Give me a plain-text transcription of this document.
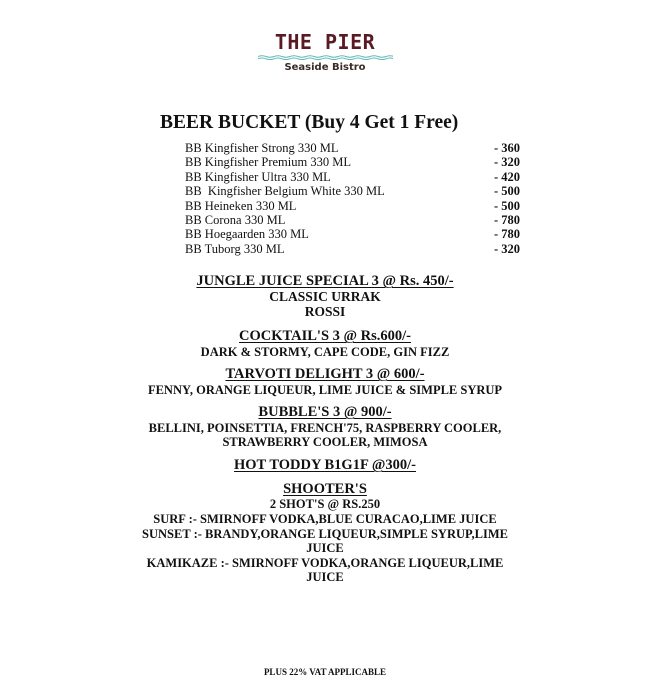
THE PIER
Seaside Bistro
BEER BUCKET (Buy 4 Get 1 Free)
BB Kingfisher Strong 330 ML	- 360
BB Kingfisher Premium 330 ML	- 320
BB Kingfisher Ultra 330 ML	- 420
BB  Kingfisher Belgium White 330 ML	- 500
BB Heineken 330 ML	- 500
BB Corona 330 ML	- 780
BB Hoegaarden 330 ML	- 780
BB Tuborg 330 ML	- 320
JUNGLE JUICE SPECIAL 3 @ Rs. 450/-
CLASSIC URRAK
ROSSI
COCKTAIL'S 3 @ Rs.600/-
DARK & STORMY, CAPE CODE, GIN FIZZ
TARVOTI DELIGHT 3 @ 600/-
FENNY, ORANGE LIQUEUR, LIME JUICE & SIMPLE SYRUP
BUBBLE'S 3 @ 900/-
BELLINI, POINSETTIA, FRENCH'75, RASPBERRY COOLER,
STRAWBERRY COOLER, MIMOSA
HOT TODDY B1G1F @300/-
SHOOTER'S
2 SHOT'S @ RS.250
SURF :- SMIRNOFF VODKA,BLUE CURACAO,LIME JUICE
SUNSET :- BRANDY,ORANGE LIQUEUR,SIMPLE SYRUP,LIME
JUICE
KAMIKAZE :- SMIRNOFF VODKA,ORANGE LIQUEUR,LIME
JUICE
PLUS 22% VAT APPLICABLE
